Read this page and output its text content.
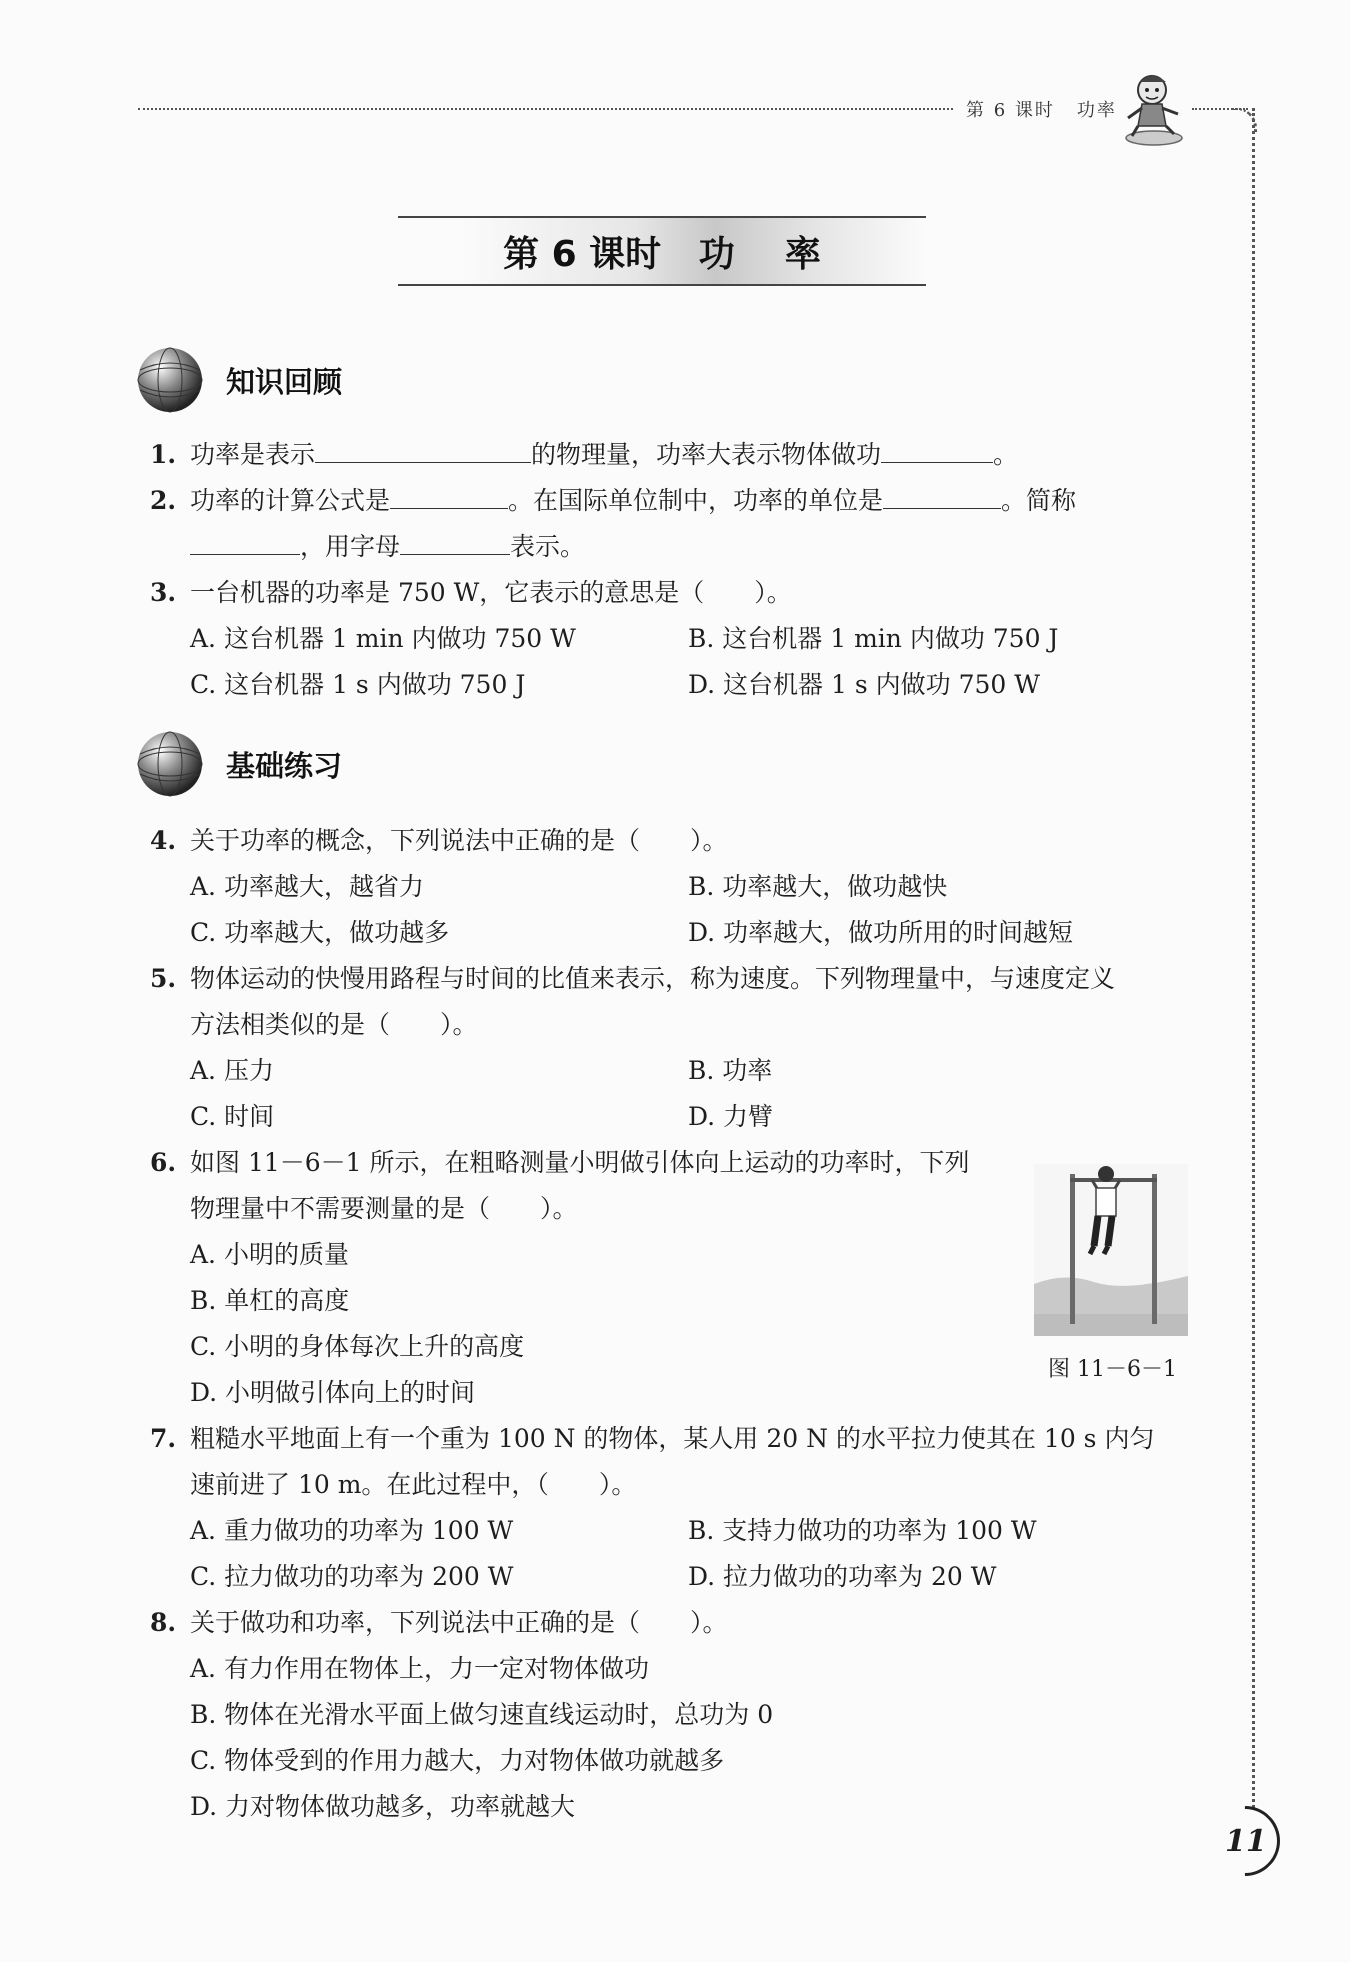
第 6 课时 功率
第 6 课时   功    率
知识回顾
1. 功率是表示	的物理量，功率大表示物体做功	。
2. 功率的计算公式是	。在国际单位制中，功率的单位是	。简称
，用字母	表示。
3. 一台机器的功率是 750 W，它表示的意思是（　　）。
A. 这台机器 1 min 内做功 750 W	B. 这台机器 1 min 内做功 750 J
C. 这台机器 1 s 内做功 750 J	D. 这台机器 1 s 内做功 750 W
基础练习
4. 关于功率的概念，下列说法中正确的是（　　）。
A. 功率越大，越省力	B. 功率越大，做功越快
C. 功率越大，做功越多	D. 功率越大，做功所用的时间越短
5. 物体运动的快慢用路程与时间的比值来表示，称为速度。下列物理量中，与速度定义
方法相类似的是（　　）。
A. 压力	B. 功率
C. 时间	D. 力臂
6. 如图 11－6－1 所示，在粗略测量小明做引体向上运动的功率时，下列
物理量中不需要测量的是（　　）。
A. 小明的质量
B. 单杠的高度
C. 小明的身体每次上升的高度
D. 小明做引体向上的时间
图 11－6－1
7. 粗糙水平地面上有一个重为 100 N 的物体，某人用 20 N 的水平拉力使其在 10 s 内匀
速前进了 10 m。在此过程中，（　　）。
A. 重力做功的功率为 100 W	B. 支持力做功的功率为 100 W
C. 拉力做功的功率为 200 W	D. 拉力做功的功率为 20 W
8. 关于做功和功率，下列说法中正确的是（　　）。
A. 有力作用在物体上，力一定对物体做功
B. 物体在光滑水平面上做匀速直线运动时，总功为 0
C. 物体受到的作用力越大，力对物体做功就越多
D. 力对物体做功越多，功率就越大
11
